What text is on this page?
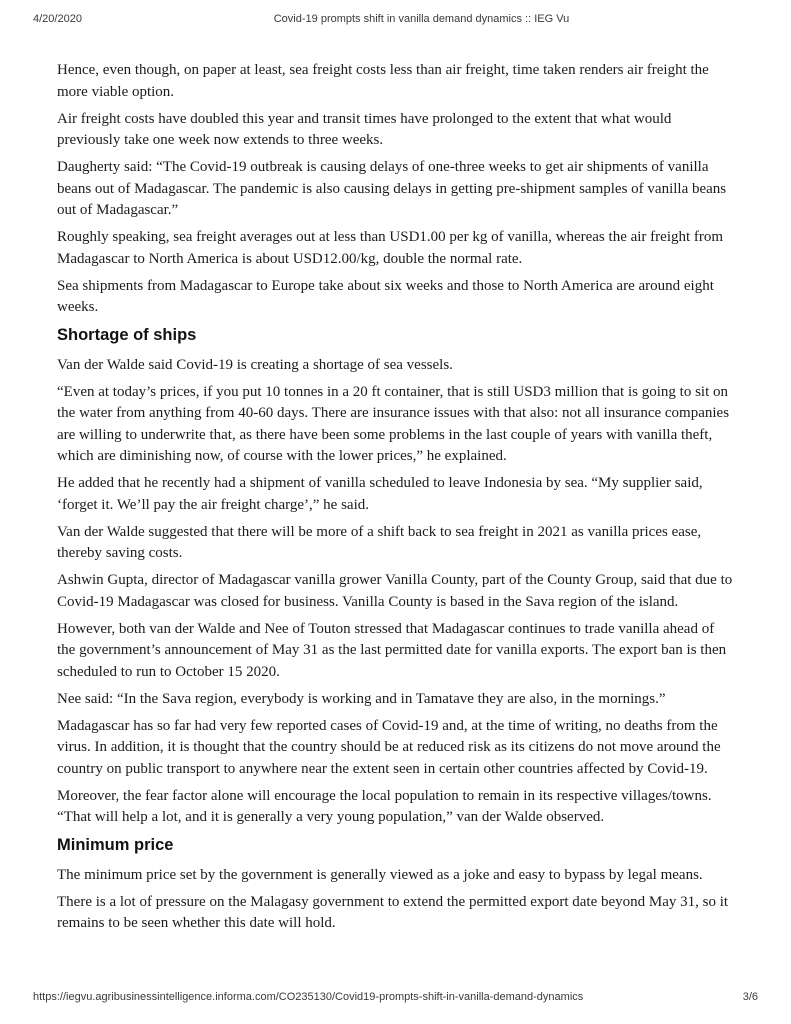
4/20/2020	Covid-19 prompts shift in vanilla demand dynamics :: IEG Vu

Hence, even though, on paper at least, sea freight costs less than air freight, time taken renders air freight the more viable option.

Air freight costs have doubled this year and transit times have prolonged to the extent that what would previously take one week now extends to three weeks.

Daugherty said: “The Covid-19 outbreak is causing delays of one-three weeks to get air shipments of vanilla beans out of Madagascar. The pandemic is also causing delays in getting pre-shipment samples of vanilla beans out of Madagascar.”

Roughly speaking, sea freight averages out at less than USD1.00 per kg of vanilla, whereas the air freight from Madagascar to North America is about USD12.00/kg, double the normal rate.

Sea shipments from Madagascar to Europe take about six weeks and those to North America are around eight weeks.

Shortage of ships

Van der Walde said Covid-19 is creating a shortage of sea vessels.

“Even at today’s prices, if you put 10 tonnes in a 20 ft container, that is still USD3 million that is going to sit on the water from anything from 40-60 days. There are insurance issues with that also: not all insurance companies are willing to underwrite that, as there have been some problems in the last couple of years with vanilla theft, which are diminishing now, of course with the lower prices,” he explained.

He added that he recently had a shipment of vanilla scheduled to leave Indonesia by sea. “My supplier said, ‘forget it. We’ll pay the air freight charge’,” he said.

Van der Walde suggested that there will be more of a shift back to sea freight in 2021 as vanilla prices ease, thereby saving costs.

Ashwin Gupta, director of Madagascar vanilla grower Vanilla County, part of the County Group, said that due to Covid-19 Madagascar was closed for business. Vanilla County is based in the Sava region of the island.

However, both van der Walde and Nee of Touton stressed that Madagascar continues to trade vanilla ahead of the government’s announcement of May 31 as the last permitted date for vanilla exports. The export ban is then scheduled to run to October 15 2020.

Nee said: “In the Sava region, everybody is working and in Tamatave they are also, in the mornings.”

Madagascar has so far had very few reported cases of Covid-19 and, at the time of writing, no deaths from the virus. In addition, it is thought that the country should be at reduced risk as its citizens do not move around the country on public transport to anywhere near the extent seen in certain other countries affected by Covid-19.

Moreover, the fear factor alone will encourage the local population to remain in its respective villages/towns. “That will help a lot, and it is generally a very young population,” van der Walde observed.

Minimum price

The minimum price set by the government is generally viewed as a joke and easy to bypass by legal means.

There is a lot of pressure on the Malagasy government to extend the permitted export date beyond May 31, so it remains to be seen whether this date will hold.

https://iegvu.agribusinessintelligence.informa.com/CO235130/Covid19-prompts-shift-in-vanilla-demand-dynamics	3/6
